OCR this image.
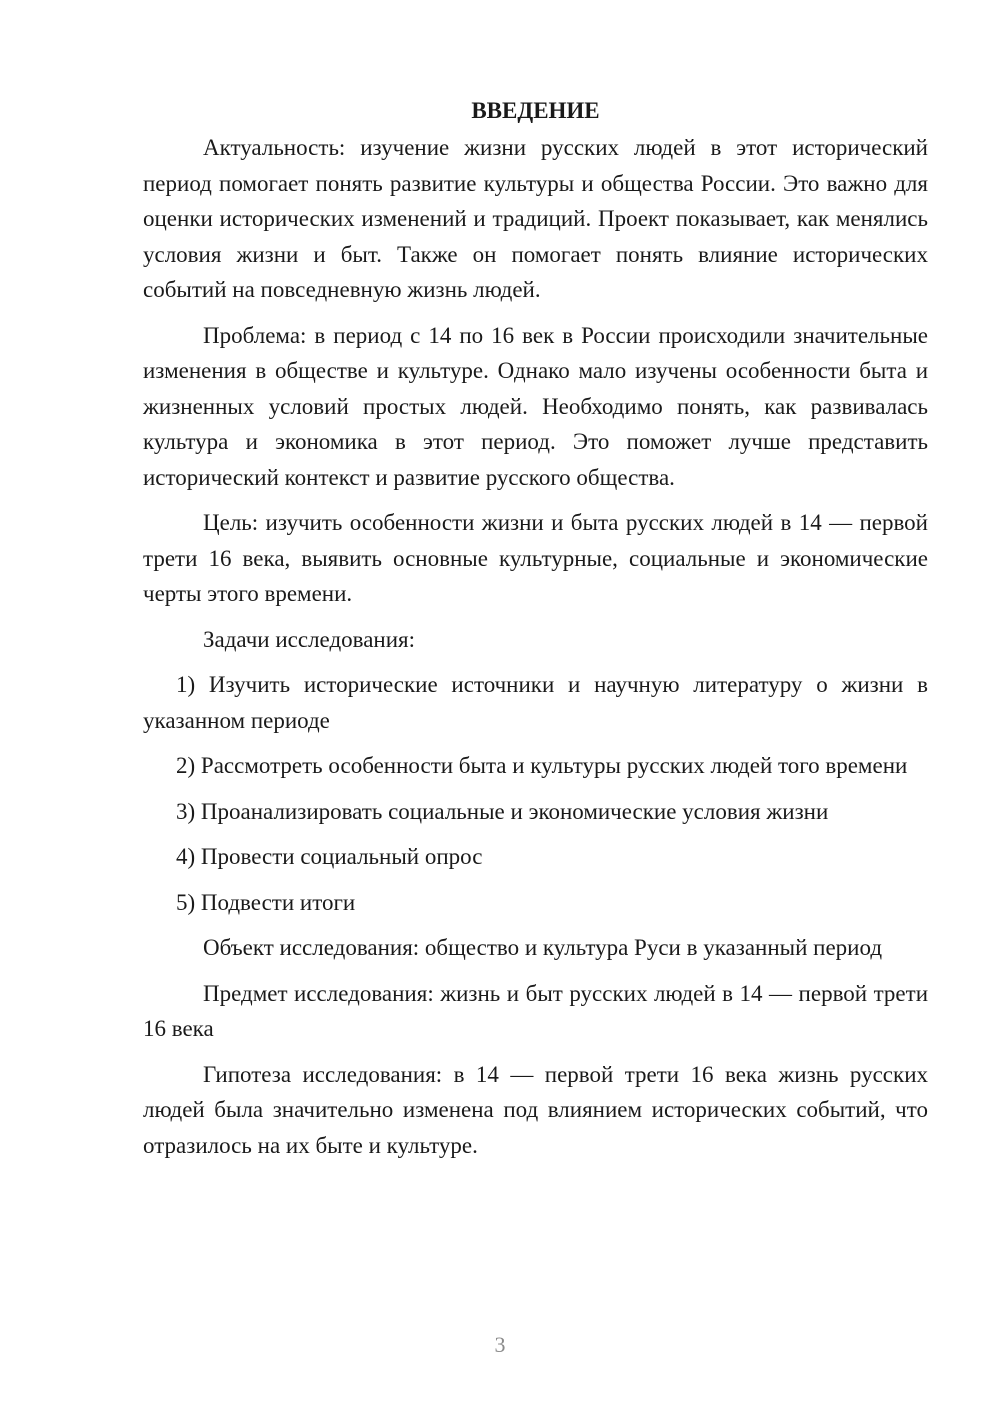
ВВЕДЕНИЕ

Актуальность: изучение жизни русских людей в этот исторический период помогает понять развитие культуры и общества России. Это важно для оценки исторических изменений и традиций. Проект показывает, как менялись условия жизни и быт. Также он помогает понять влияние исторических событий на повседневную жизнь людей.

Проблема: в период с 14 по 16 век в России происходили значительные изменения в обществе и культуре. Однако мало изучены особенности быта и жизненных условий простых людей. Необходимо понять, как развивалась культура и экономика в этот период. Это поможет лучше представить исторический контекст и развитие русского общества.

Цель: изучить особенности жизни и быта русских людей в 14 — первой трети 16 века, выявить основные культурные, социальные и экономические черты этого времени.

Задачи исследования:

1) Изучить исторические источники и научную литературу о жизни в указанном периоде

2) Рассмотреть особенности быта и культуры русских людей того времени

3) Проанализировать социальные и экономические условия жизни

4) Провести социальный опрос

5) Подвести итоги

Объект исследования: общество и культура Руси в указанный период

Предмет исследования: жизнь и быт русских людей в 14 — первой трети 16 века

Гипотеза исследования: в 14 — первой трети 16 века жизнь русских людей была значительно изменена под влиянием исторических событий, что отразилось на их быте и культуре.

3
